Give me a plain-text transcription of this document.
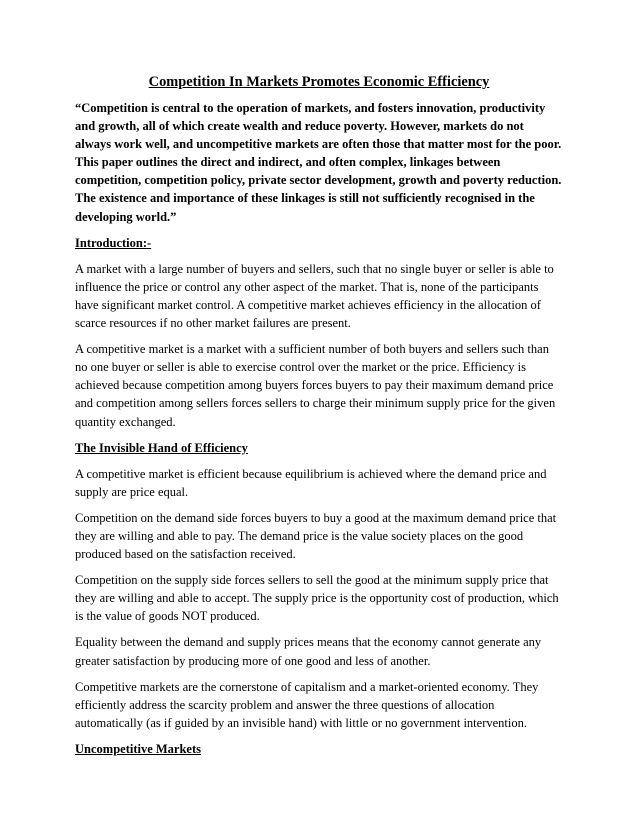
Competition In Markets Promotes Economic Efficiency
“Competition is central to the operation of markets, and fosters innovation, productivity and growth, all of which create wealth and reduce poverty. However, markets do not always work well, and uncompetitive markets are often those that matter most for the poor. This paper outlines the direct and indirect, and often complex, linkages between competition, competition policy, private sector development, growth and poverty reduction. The existence and importance of these linkages is still not sufficiently recognised in the developing world.”
Introduction:-
A market with a large number of buyers and sellers, such that no single buyer or seller is able to influence the price or control any other aspect of the market. That is, none of the participants have significant market control. A competitive market achieves efficiency in the allocation of scarce resources if no other market failures are present.
A competitive market is a market with a sufficient number of both buyers and sellers such than no one buyer or seller is able to exercise control over the market or the price. Efficiency is achieved because competition among buyers forces buyers to pay their maximum demand price and competition among sellers forces sellers to charge their minimum supply price for the given quantity exchanged.
The Invisible Hand of Efficiency
A competitive market is efficient because equilibrium is achieved where the demand price and supply are price equal.
Competition on the demand side forces buyers to buy a good at the maximum demand price that they are willing and able to pay. The demand price is the value society places on the good produced based on the satisfaction received.
Competition on the supply side forces sellers to sell the good at the minimum supply price that they are willing and able to accept. The supply price is the opportunity cost of production, which is the value of goods NOT produced.
Equality between the demand and supply prices means that the economy cannot generate any greater satisfaction by producing more of one good and less of another.
Competitive markets are the cornerstone of capitalism and a market-oriented economy. They efficiently address the scarcity problem and answer the three questions of allocation automatically (as if guided by an invisible hand) with little or no government intervention.
Uncompetitive Markets
